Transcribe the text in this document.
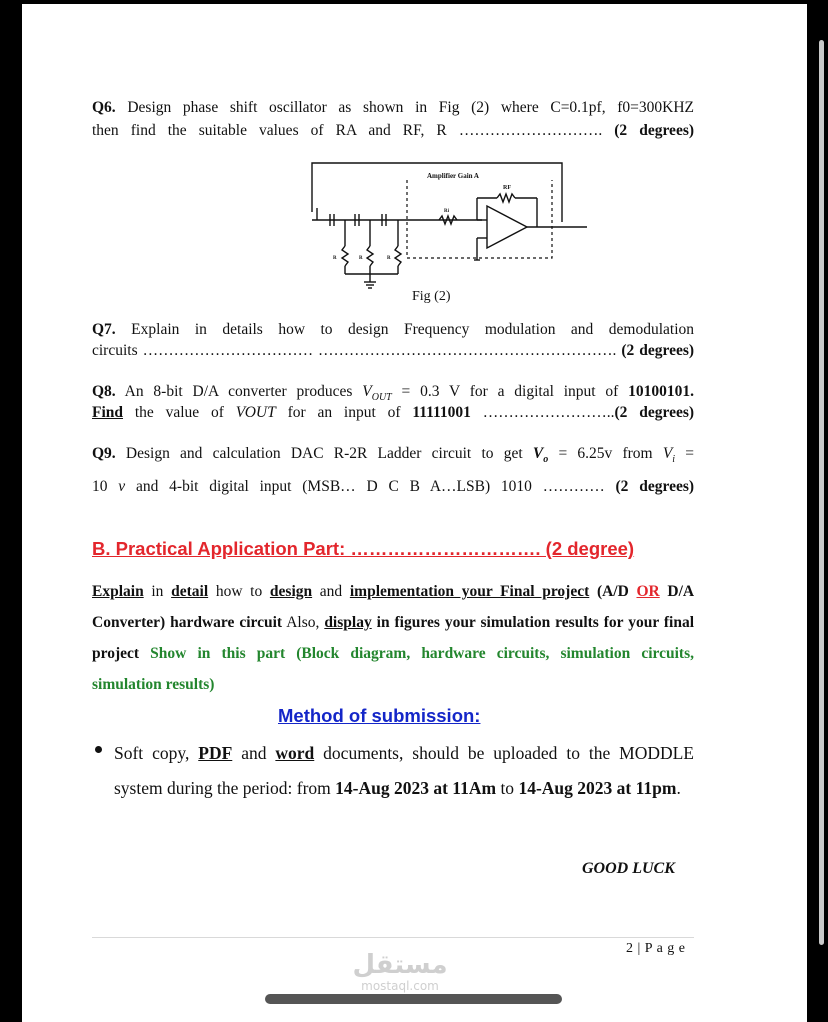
Q6. Design phase shift oscillator as shown in Fig (2) where C=0.1pf, f0=300KHZ
then find the suitable values of RA and RF, R ………………………. (2 degrees)
Amplifier Gain A
RF
Ri
R	R	R
Fig (2)
Q7. Explain in details how to design Frequency modulation and demodulation
circuits …………………………… …………………………………………………. (2 degrees)
Q8. An 8-bit D/A converter produces $V_{OUT} = 0.3$ V for a digital input of 10100101.
Find the value of VOUT for an input of 11111001 ……………………..(2 degrees)
Q9. Design and calculation DAC R-2R Ladder circuit to get $V_o = 6.25v$ from $V_i$ =
10 v and 4-bit digital input (MSB… D C B A…LSB) 1010 ………… (2 degrees)
B. Practical Application Part: …………………………. (2 degree)
Explain in detail how to design and implementation your Final project (A/D OR D/A Converter) hardware circuit Also, display in figures your simulation results for your final project Show in this part (Block diagram, hardware circuits, simulation circuits, simulation results)
Method of submission:
Soft copy, PDF and word documents, should be uploaded to the MODDLE system during the period: from 14-Aug 2023 at 11Am to 14-Aug 2023 at 11pm.
GOOD LUCK
2 | P a g e
مستقل
mostaql.com
